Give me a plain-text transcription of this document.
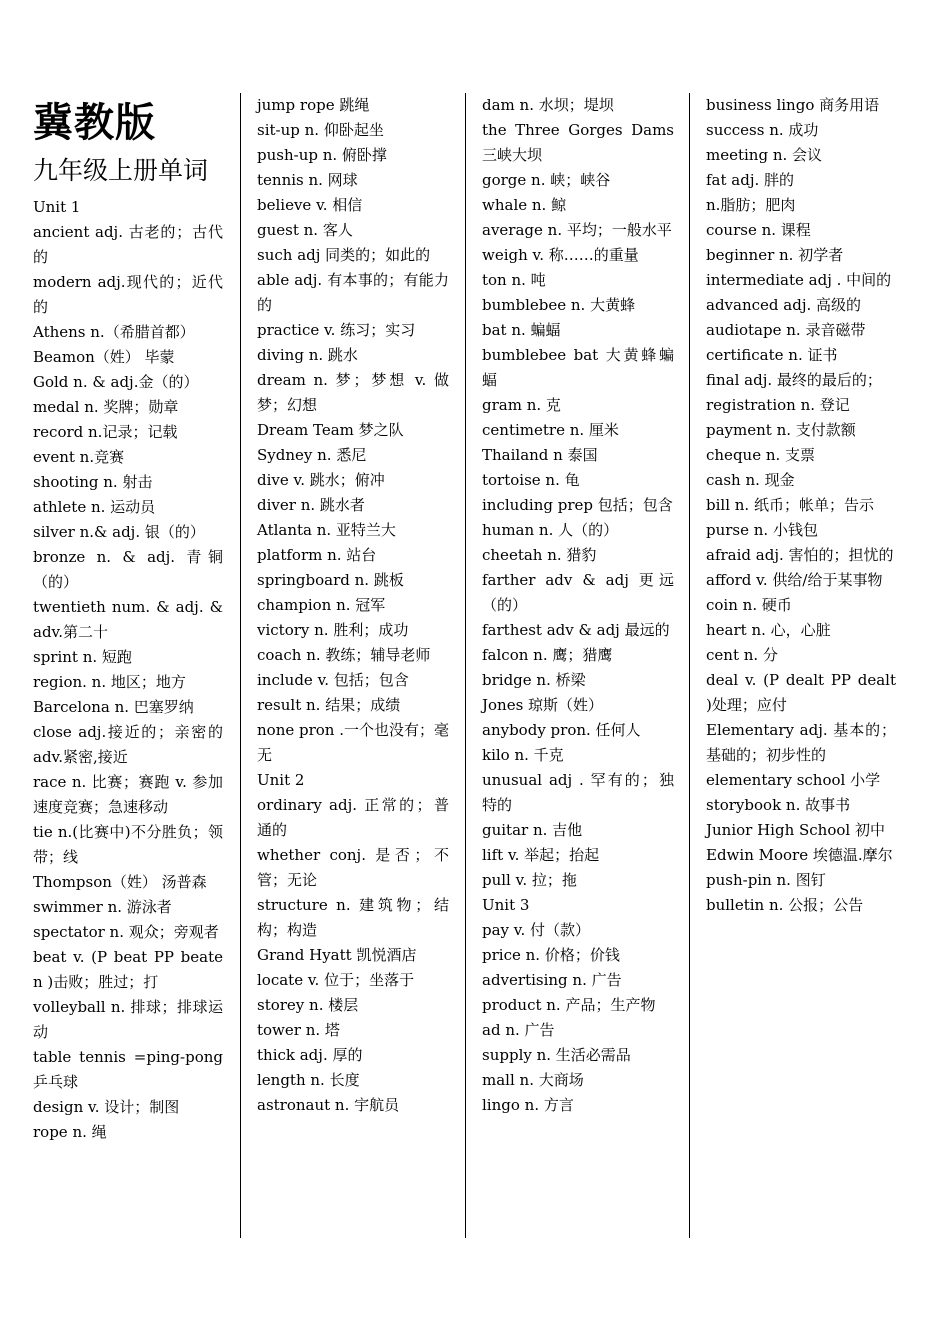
冀教版
九年级上册单词

Unit 1

ancient adj. 古老的；古代的

modern adj.现代的；近代的

Athens n.（希腊首都）

Beamon（姓） 毕蒙

Gold n. & adj.金（的）

medal n. 奖牌；勋章

record n.记录；记载

event n.竞赛

shooting n. 射击

athlete n. 运动员

silver n.& adj. 银（的）

bronze n. & adj. 青铜（的）

twentieth num. & adj. & adv.第二十

sprint n. 短跑

region. n. 地区；地方

Barcelona n. 巴塞罗纳

close adj.接近的；亲密的 adv.紧密,接近

race n. 比赛；赛跑 v. 参加速度竞赛；急速移动

tie n.(比赛中)不分胜负；领带；线

Thompson（姓） 汤普森

swimmer n. 游泳者

spectator n. 观众；旁观者

beat v. (P beat PP beaten )击败；胜过；打

volleyball n. 排球；排球运动

table tennis =ping-pong乒乓球

design v. 设计；制图

rope n. 绳

jump rope 跳绳

sit-up n. 仰卧起坐

push-up n. 俯卧撑

tennis n. 网球

believe v. 相信

guest n. 客人

such adj 同类的；如此的

able adj. 有本事的；有能力的

practice v. 练习；实习

diving n. 跳水

dream n. 梦；梦想 v. 做梦；幻想

Dream Team 梦之队

Sydney n. 悉尼

dive v. 跳水；俯冲

diver n. 跳水者

Atlanta n. 亚特兰大

platform n. 站台

springboard n. 跳板

champion n. 冠军

victory n. 胜利；成功

coach n. 教练；辅导老师

include v. 包括；包含

result n. 结果；成绩

none pron .一个也没有；毫无

Unit 2

ordinary adj. 正常的；普通的

whether conj. 是否；不管；无论

structure n. 建筑物；结构；构造

Grand Hyatt 凯悦酒店

locate v. 位于；坐落于

storey n. 楼层

tower n. 塔

thick adj. 厚的

length n. 长度

astronaut n. 宇航员

dam n. 水坝；堤坝

the Three Gorges Dams 三峡大坝

gorge n. 峡；峡谷

whale n. 鲸

average n. 平均；一般水平

weigh v. 称……的重量

ton n. 吨

bumblebee n. 大黄蜂

bat n. 蝙蝠

bumblebee bat 大黄蜂蝙蝠

gram n. 克

centimetre n. 厘米

Thailand n 泰国

tortoise n. 龟

including prep 包括；包含

human n. 人（的）

cheetah n. 猎豹

farther adv & adj 更远（的）

farthest adv & adj 最远的

falcon n. 鹰；猎鹰

bridge n. 桥梁

Jones 琼斯（姓）

anybody pron. 任何人

kilo n. 千克

unusual adj . 罕有的；独特的

guitar n. 吉他

lift v. 举起；抬起

pull v. 拉；拖

Unit 3

pay v. 付（款）

price n. 价格；价钱

advertising n. 广告

product n. 产品；生产物

ad n. 广告

supply n. 生活必需品

mall n. 大商场

lingo n. 方言

business lingo 商务用语

success n. 成功

meeting n. 会议

fat adj. 胖的

n.脂肪；肥肉

course n. 课程

beginner n. 初学者

intermediate adj . 中间的

advanced adj. 高级的

audiotape n. 录音磁带

certificate n. 证书

final adj. 最终的最后的；

registration n. 登记

payment n. 支付款额

cheque n. 支票

cash n. 现金

bill n. 纸币；帐单；告示

purse n. 小钱包

afraid adj. 害怕的；担忧的

afford v. 供给/给于某事物

coin n. 硬币

heart n. 心，心脏

cent n. 分

deal v. (P dealt PP dealt )处理；应付

Elementary adj. 基本的；基础的；初步性的

elementary school 小学

storybook n. 故事书

Junior High School 初中

Edwin Moore 埃德温.摩尔

push-pin n. 图钉

bulletin n. 公报；公告
